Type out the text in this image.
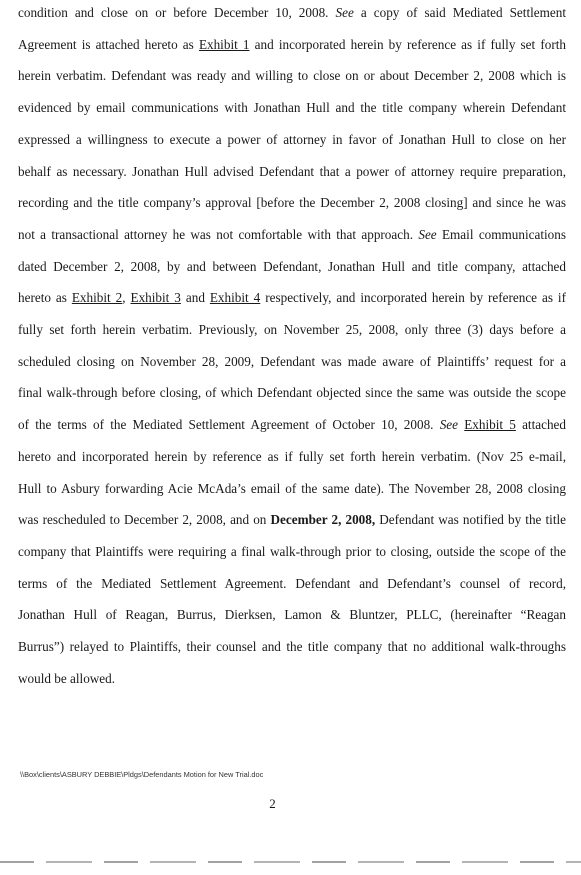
condition and close on or before December 10, 2008. See a copy of said Mediated Settlement
Agreement is attached hereto as Exhibit 1 and incorporated herein by reference as if fully set forth
herein verbatim. Defendant was ready and willing to close on or about December 2, 2008 which is
evidenced by email communications with Jonathan Hull and the title company wherein Defendant
expressed a willingness to execute a power of attorney in favor of Jonathan Hull to close on her
behalf as necessary. Jonathan Hull advised Defendant that a power of attorney require preparation,
recording and the title company’s approval [before the December 2, 2008 closing] and since he was
not a transactional attorney he was not comfortable with that approach. See Email communications
dated December 2, 2008, by and between Defendant, Jonathan Hull and title company, attached
hereto as Exhibit 2, Exhibit 3 and Exhibit 4 respectively, and incorporated herein by reference as if
fully set forth herein verbatim. Previously, on November 25, 2008, only three (3) days before a
scheduled closing on November 28, 2009, Defendant was made aware of Plaintiffs’ request for a
final walk-through before closing, of which Defendant objected since the same was outside the scope
of the terms of the Mediated Settlement Agreement of October 10, 2008. See Exhibit 5 attached
hereto and incorporated herein by reference as if fully set forth herein verbatim. (Nov 25 e-mail,
Hull to Asbury forwarding Acie McAda’s email of the same date). The November 28, 2008 closing
was rescheduled to December 2, 2008, and on December 2, 2008, Defendant was notified by the title
company that Plaintiffs were requiring a final walk-through prior to closing, outside the scope of the
terms of the Mediated Settlement Agreement. Defendant and Defendant’s counsel of record,
Jonathan Hull of Reagan, Burrus, Dierksen, Lamon & Bluntzer, PLLC, (hereinafter “Reagan
Burrus”) relayed to Plaintiffs, their counsel and the title company that no additional walk-throughs
would be allowed.
\\Box\clients\ASBURY DEBBIE\Pldgs\Defendants Motion for New Trial.doc
2
